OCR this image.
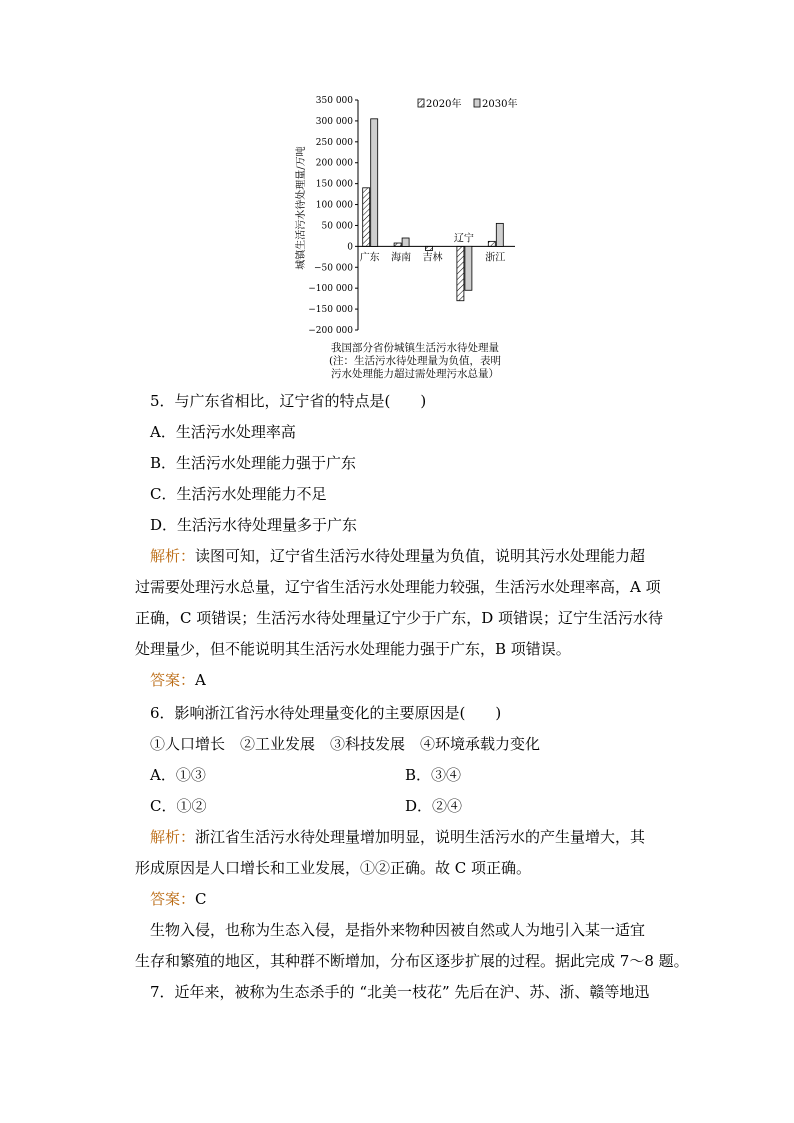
350 000
300 000
250 000
200 000
150 000
100 000
50 000
0
−50 000
−100 000
−150 000
−200 000
广东 海南 吉林
辽宁
浙江
2020年 2030年
城镇生活污水待处理量/万吨
我国部分省份城镇生活污水待处理量
(注：生活污水待处理量为负值，表明
污水处理能力超过需处理污水总量）
5．与广东省相比，辽宁省的特点是(　　)
A．生活污水处理率高
B．生活污水处理能力强于广东
C．生活污水处理能力不足
D．生活污水待处理量多于广东
解析：读图可知，辽宁省生活污水待处理量为负值，说明其污水处理能力超
过需要处理污水总量，辽宁省生活污水处理能力较强，生活污水处理率高，A 项
正确，C 项错误；生活污水待处理量辽宁少于广东，D 项错误；辽宁生活污水待
处理量少，但不能说明其生活污水处理能力强于广东，B 项错误。
答案：A
6．影响浙江省污水待处理量变化的主要原因是(　　)
①人口增长　②工业发展　③科技发展　④环境承载力变化
A．①③	B．③④
C．①②	D．②④
解析：浙江省生活污水待处理量增加明显，说明生活污水的产生量增大，其
形成原因是人口增长和工业发展，①②正确。故 C 项正确。
答案：C
生物入侵，也称为生态入侵，是指外来物种因被自然或人为地引入某一适宜
生存和繁殖的地区，其种群不断增加，分布区逐步扩展的过程。据此完成 7～8 题。
7．近年来，被称为生态杀手的 “北美一枝花” 先后在沪、苏、浙、赣等地迅
